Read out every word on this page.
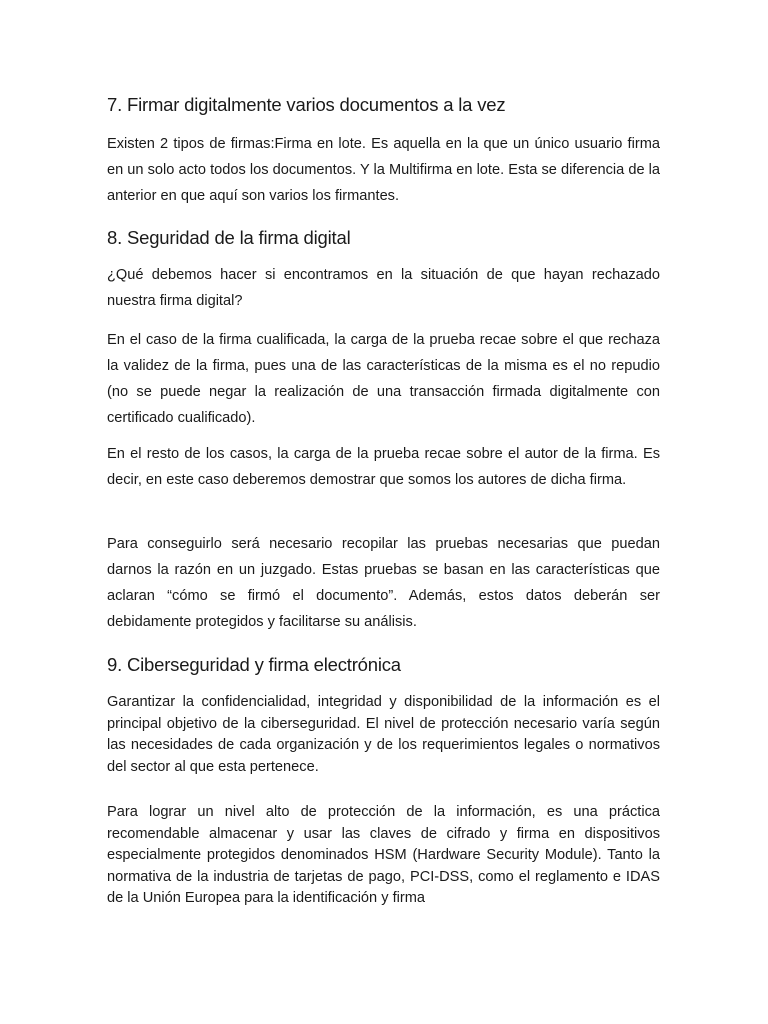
7. Firmar digitalmente varios documentos a la vez

Existen 2 tipos de firmas:Firma en lote. Es aquella en la que un único usuario firma en un solo acto todos los documentos. Y la Multifirma en lote. Esta se diferencia de la anterior en que aquí son varios los firmantes.

8. Seguridad de la firma digital

¿Qué debemos hacer si encontramos en la situación de que hayan rechazado nuestra firma digital?

En el caso de la firma cualificada, la carga de la prueba recae sobre el que rechaza la validez de la firma, pues una de las características de la misma es el no repudio (no se puede negar la realización de una transacción firmada digitalmente con certificado cualificado).

En el resto de los casos, la carga de la prueba recae sobre el autor de la firma. Es decir, en este caso deberemos demostrar que somos los autores de dicha firma.

Para conseguirlo será necesario recopilar las pruebas necesarias que puedan darnos la razón en un juzgado. Estas pruebas se basan en las características que aclaran “cómo se firmó el documento”. Además, estos datos deberán ser debidamente protegidos y facilitarse su análisis.

9. Ciberseguridad y firma electrónica

Garantizar la confidencialidad, integridad y disponibilidad de la información es el principal objetivo de la ciberseguridad. El nivel de protección necesario varía según las necesidades de cada organización y de los requerimientos legales o normativos del sector al que esta pertenece.

Para lograr un nivel alto de protección de la información, es una práctica recomendable almacenar y usar las claves de cifrado y firma en dispositivos especialmente protegidos denominados HSM (Hardware Security Module). Tanto la normativa de la industria de tarjetas de pago, PCI-DSS, como el reglamento e IDAS de la Unión Europea para la identificación y firma
